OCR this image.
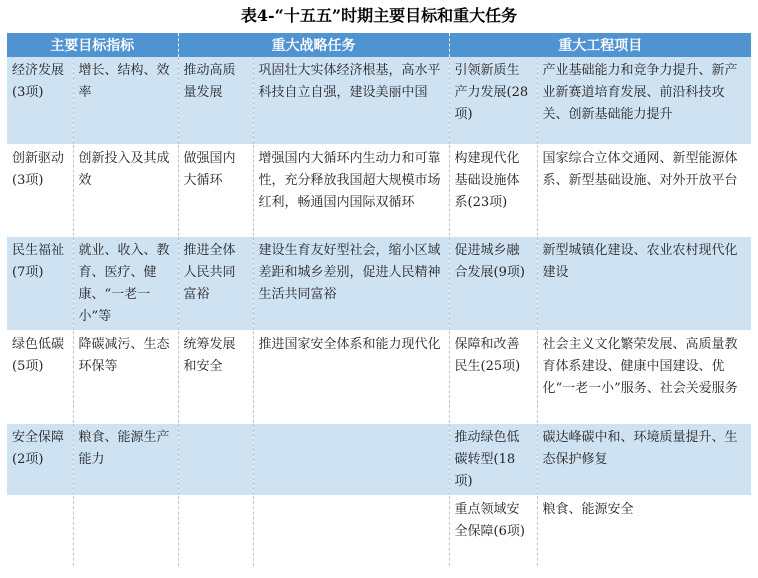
表4-“十五五”时期主要目标和重大任务
主要目标指标		重大战略任务		重大工程项目	
经济发展(3项)	增长、结构、效率	推动高质量发展	巩固壮大实体经济根基，高水平科技自立自强，建设美丽中国	引领新质生产力发展(28项)	产业基础能力和竞争力提升、新产业新赛道培育发展、前沿科技攻关、创新基础能力提升
创新驱动(3项)	创新投入及其成效	做强国内大循环	增强国内大循环内生动力和可靠性，充分释放我国超大规模市场红利，畅通国内国际双循环	构建现代化基础设施体系(23项)	国家综合立体交通网、新型能源体系、新型基础设施、对外开放平台
民生福祉(7项)	就业、收入、教育、医疗、健康、“一老一小”等	推进全体人民共同富裕	建设生育友好型社会，缩小区域差距和城乡差别，促进人民精神生活共同富裕	促进城乡融合发展(9项)	新型城镇化建设、农业农村现代化建设
绿色低碳(5项)	降碳减污、生态环保等	统筹发展和安全	推进国家安全体系和能力现代化	保障和改善民生(25项)	社会主义文化繁荣发展、高质量教育体系建设、健康中国建设、优化“一老一小”服务、社会关爱服务
安全保障(2项)	粮食、能源生产能力			推动绿色低碳转型(18项)	碳达峰碳中和、环境质量提升、生态保护修复
				重点领域安全保障(6项)	粮食、能源安全
